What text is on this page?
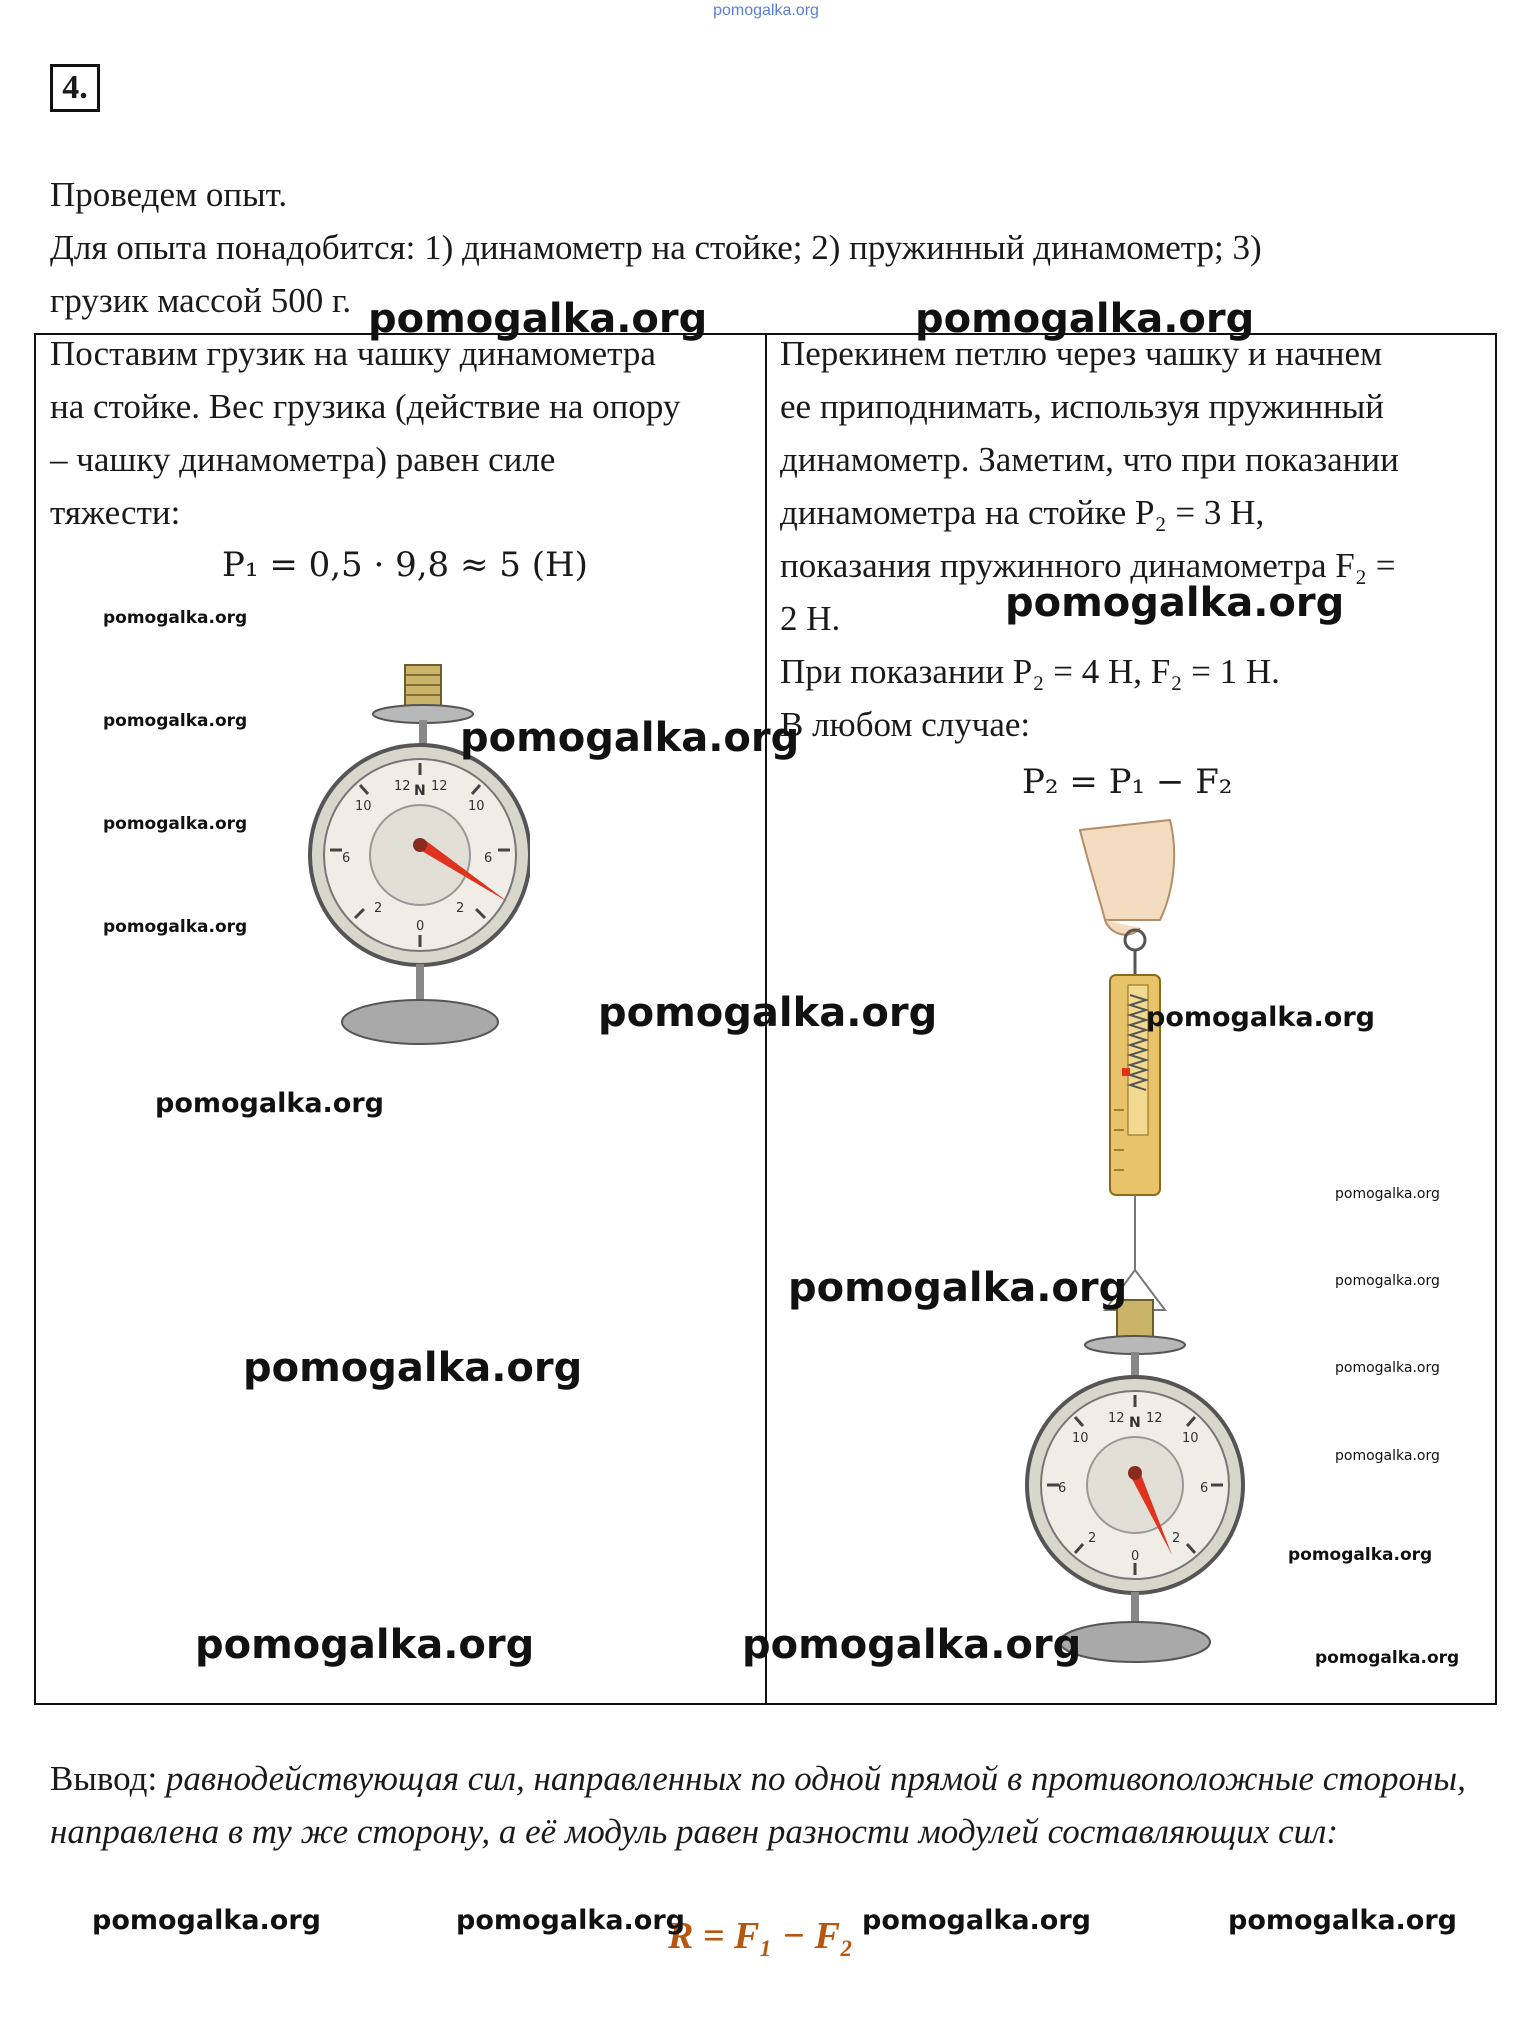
pomogalka.org
4.
Проведем опыт.
Для опыта понадобится: 1) динамометр на стойке; 2) пружинный динамометр; 3)
грузик массой 500 г.
Поставим грузик на чашку динамометра
на стойке. Вес грузика (действие на опору
– чашку динамометра) равен силе
тяжести:
P₁ = 0,5 · 9,8 ≈ 5 (Н)
Перекинем петлю через чашку и начнем
ее приподнимать, используя пружинный
динамометр. Заметим, что при показании
динамометра на стойке P₂ = 3 Н,
показания пружинного динамометра F₂ =
2 Н.
При показании P₂ = 4 Н, F₂ = 1 Н.
В любом случае:
P₂ = P₁ − F₂
12 12
N
10	10
6	6
2	2
0
12 12
N
10	10
6	6
2	2
0
Вывод: равнодействующая сил, направленных по одной прямой в противоположные стороны, направлена в ту же сторону, а её модуль равен разности модулей составляющих сил:
R = F₁ − F₂
pomogalka.org	pomogalka.org
pomogalka.org
pomogalka.org
pomogalka.org
pomogalka.org
pomogalka.org
pomogalka.org	pomogalka.org
pomogalka.org
pomogalka.org
pomogalka.org	pomogalka.org	pomogalka.org	pomogalka.org
pomogalka.org
pomogalka.org
pomogalka.org
pomogalka.org
pomogalka.org
pomogalka.org
pomogalka.org
pomogalka.org
pomogalka.org
pomogalka.org
